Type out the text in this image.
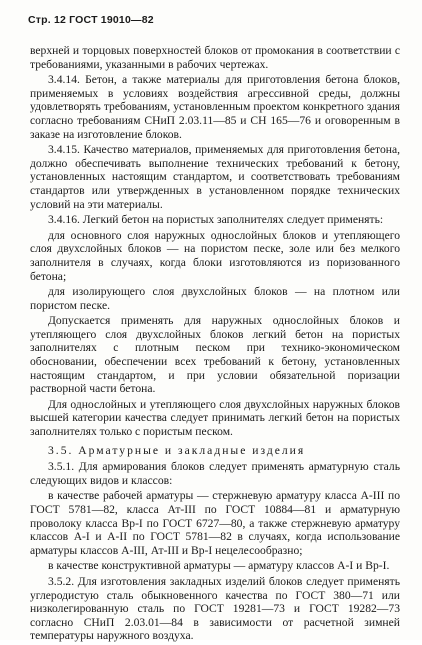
Стр. 12 ГОСТ 19010—82

верхней и торцовых поверхностей блоков от промокания в соответствии с требованиями, указанными в рабочих чертежах.

3.4.14. Бетон, а также материалы для приготовления бетона блоков, применяемых в условиях воздействия агрессивной среды, должны удовлетворять требованиям, установленным проектом конкретного здания согласно требованиям СНиП 2.03.11—85 и СН 165—76 и оговоренным в заказе на изготовление блоков.

3.4.15. Качество материалов, применяемых для приготовления бетона, должно обеспечивать выполнение технических требований к бетону, установленных настоящим стандартом, и соответствовать требованиям стандартов или утвержденных в установленном порядке технических условий на эти материалы.

3.4.16. Легкий бетон на пористых заполнителях следует применять:

для основного слоя наружных однослойных блоков и утепляющего слоя двухслойных блоков — на пористом песке, золе или без мелкого заполнителя в случаях, когда блоки изготовляются из поризованного бетона;

для изолирующего слоя двухслойных блоков — на плотном или пористом песке.

Допускается применять для наружных однослойных блоков и утепляющего слоя двухслойных блоков легкий бетон на пористых заполнителях с плотным песком при технико-экономическом обосновании, обеспечении всех требований к бетону, установленных настоящим стандартом, и при условии обязательной поризации растворной части бетона.

Для однослойных и утепляющего слоя двухслойных наружных блоков высшей категории качества следует принимать легкий бетон на пористых заполнителях только с пористым песком.

3.5. Арматурные и закладные изделия

3.5.1. Для армирования блоков следует применять арматурную сталь следующих видов и классов:

в качестве рабочей арматуры — стержневую арматуру класса А-III по ГОСТ 5781—82, класса Ат-III по ГОСТ 10884—81 и арматурную проволоку класса Вр-I по ГОСТ 6727—80, а также стержневую арматуру классов А-I и А-II по ГОСТ 5781—82 в случаях, когда использование арматуры классов А-III, Ат-III и Вр-I нецелесообразно;

в качестве конструктивной арматуры — арматуру классов А-I и Вр-I.

3.5.2. Для изготовления закладных изделий блоков следует применять углеродистую сталь обыкновенного качества по ГОСТ 380—71 или низколегированную сталь по ГОСТ 19281—73 и ГОСТ 19282—73 согласно СНиП 2.03.01—84 в зависимости от расчетной зимней температуры наружного воздуха.
